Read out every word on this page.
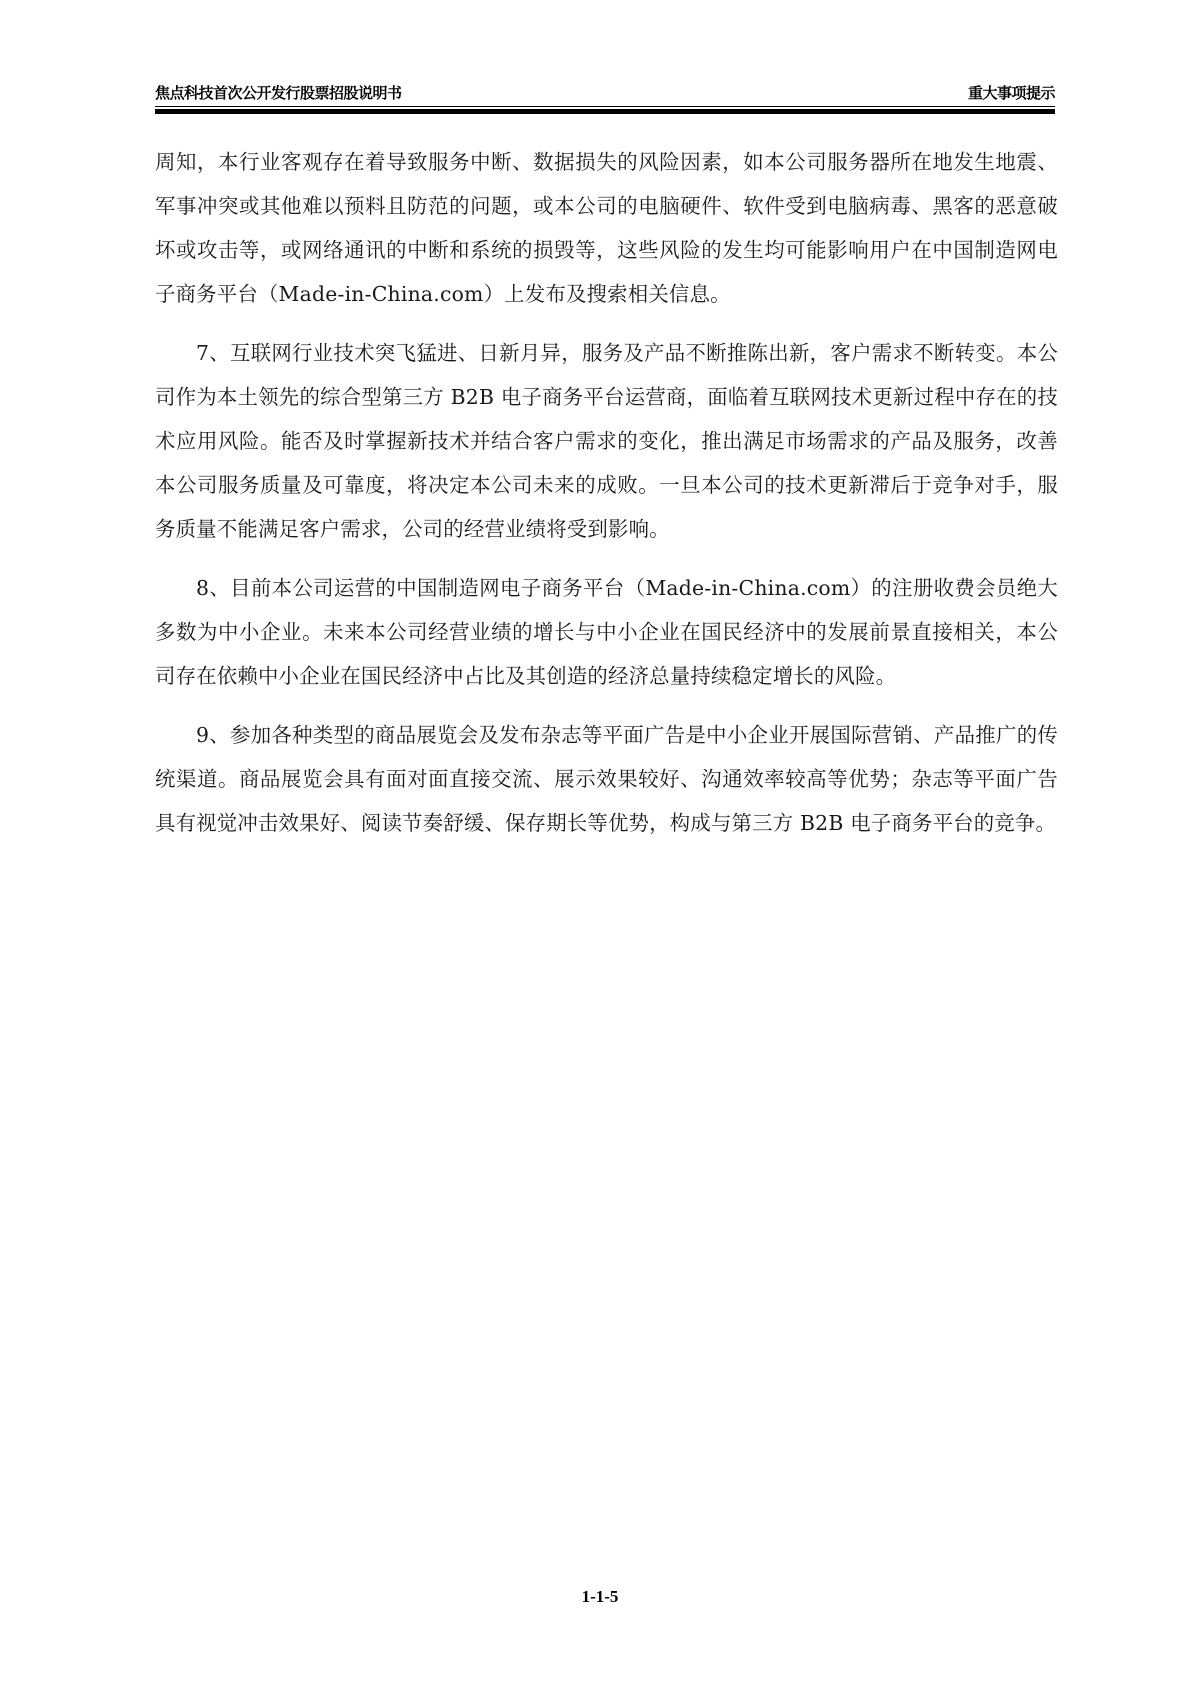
焦点科技首次公开发行股票招股说明书	重大事项提示

周知，本行业客观存在着导致服务中断、数据损失的风险因素，如本公司服务器所在地发生地震、军事冲突或其他难以预料且防范的问题，或本公司的电脑硬件、软件受到电脑病毒、黑客的恶意破坏或攻击等，或网络通讯的中断和系统的损毁等，这些风险的发生均可能影响用户在中国制造网电子商务平台（Made-in-China.com）上发布及搜索相关信息。

7、互联网行业技术突飞猛进、日新月异，服务及产品不断推陈出新，客户需求不断转变。本公司作为本土领先的综合型第三方 B2B 电子商务平台运营商，面临着互联网技术更新过程中存在的技术应用风险。能否及时掌握新技术并结合客户需求的变化，推出满足市场需求的产品及服务，改善本公司服务质量及可靠度，将决定本公司未来的成败。一旦本公司的技术更新滞后于竞争对手，服务质量不能满足客户需求，公司的经营业绩将受到影响。

8、目前本公司运营的中国制造网电子商务平台（Made-in-China.com）的注册收费会员绝大多数为中小企业。未来本公司经营业绩的增长与中小企业在国民经济中的发展前景直接相关，本公司存在依赖中小企业在国民经济中占比及其创造的经济总量持续稳定增长的风险。

9、参加各种类型的商品展览会及发布杂志等平面广告是中小企业开展国际营销、产品推广的传统渠道。商品展览会具有面对面直接交流、展示效果较好、沟通效率较高等优势；杂志等平面广告具有视觉冲击效果好、阅读节奏舒缓、保存期长等优势，构成与第三方 B2B 电子商务平台的竞争。

1-1-5
